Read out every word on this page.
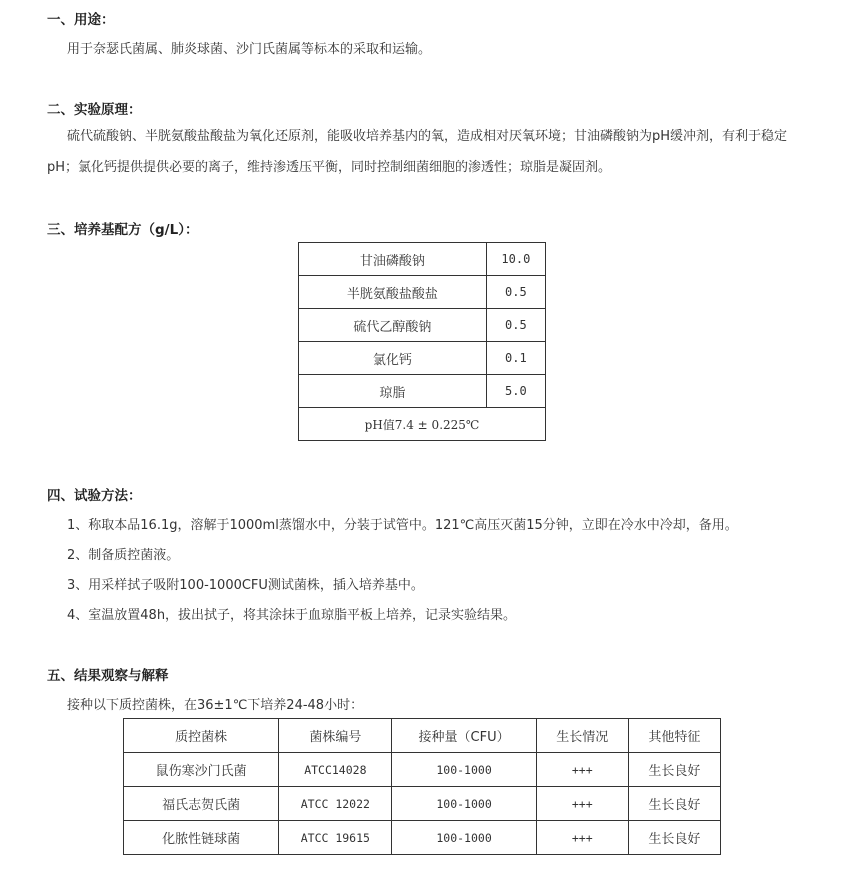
一、用途：
用于奈瑟氏菌属、肺炎球菌、沙门氏菌属等标本的采取和运输。
二、实验原理：
硫代硫酸钠、半胱氨酸盐酸盐为氧化还原剂，能吸收培养基内的氧，造成相对厌氧环境；甘油磷酸钠为pH缓冲剂，有利于稳定pH；氯化钙提供提供必要的离子，维持渗透压平衡，同时控制细菌细胞的渗透性；琼脂是凝固剂。
三、培养基配方（g/L）：
甘油磷酸钠	10.0
半胱氨酸盐酸盐	0.5
硫代乙醇酸钠	0.5
氯化钙	0.1
琼脂	5.0
pH值7.4 ± 0.225℃	
四、试验方法：
1、称取本品16.1g，溶解于1000ml蒸馏水中，分装于试管中。121℃高压灭菌15分钟，立即在冷水中冷却，备用。
2、制备质控菌液。
3、用采样拭子吸附100-1000CFU测试菌株，插入培养基中。
4、室温放置48h，拔出拭子，将其涂抹于血琼脂平板上培养，记录实验结果。
五、结果观察与解释
接种以下质控菌株，在36±1℃下培养24-48小时：
质控菌株	菌株编号	接种量（CFU）	生长情况	其他特征
鼠伤寒沙门氏菌	ATCC14028	100-1000	+++	生长良好
福氏志贺氏菌	ATCC 12022	100-1000	+++	生长良好
化脓性链球菌	ATCC 19615	100-1000	+++	生长良好
